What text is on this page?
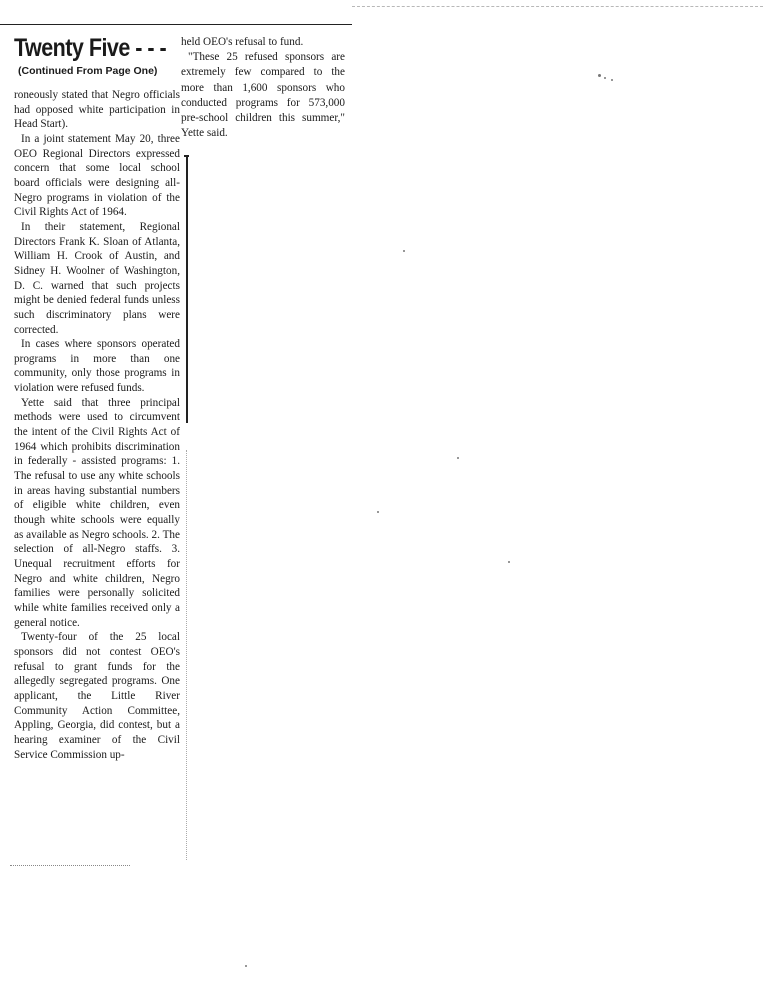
Twenty Five - - -
(Continued From Page One)

roneously stated that Negro officials had opposed white participation in Head Start).

In a joint statement May 20, three OEO Regional Directors expressed concern that some local school board officials were designing all-Negro programs in violation of the Civil Rights Act of 1964.

In their statement, Regional Directors Frank K. Sloan of Atlanta, William H. Crook of Austin, and Sidney H. Woolner of Washington, D. C. warned that such projects might be denied federal funds unless such discriminatory plans were corrected.

In cases where sponsors operated programs in more than one community, only those programs in violation were refused funds.

Yette said that three principal methods were used to circumvent the intent of the Civil Rights Act of 1964 which prohibits discrimination in federally - assisted programs: 1. The refusal to use any white schools in areas having substantial numbers of eligible white children, even though white schools were equally as available as Negro schools. 2. The selection of all-Negro staffs. 3. Unequal recruitment efforts for Negro and white children, Negro families were personally solicited while white families received only a general notice.

Twenty-four of the 25 local sponsors did not contest OEO's refusal to grant funds for the allegedly segregated programs. One applicant, the Little River Community Action Committee, Appling, Georgia, did contest, but a hearing examiner of the Civil Service Commission up-

held OEO's refusal to fund.

"These 25 refused sponsors are extremely few compared to the more than 1,600 sponsors who conducted programs for 573,000 pre-school children this summer," Yette said.
